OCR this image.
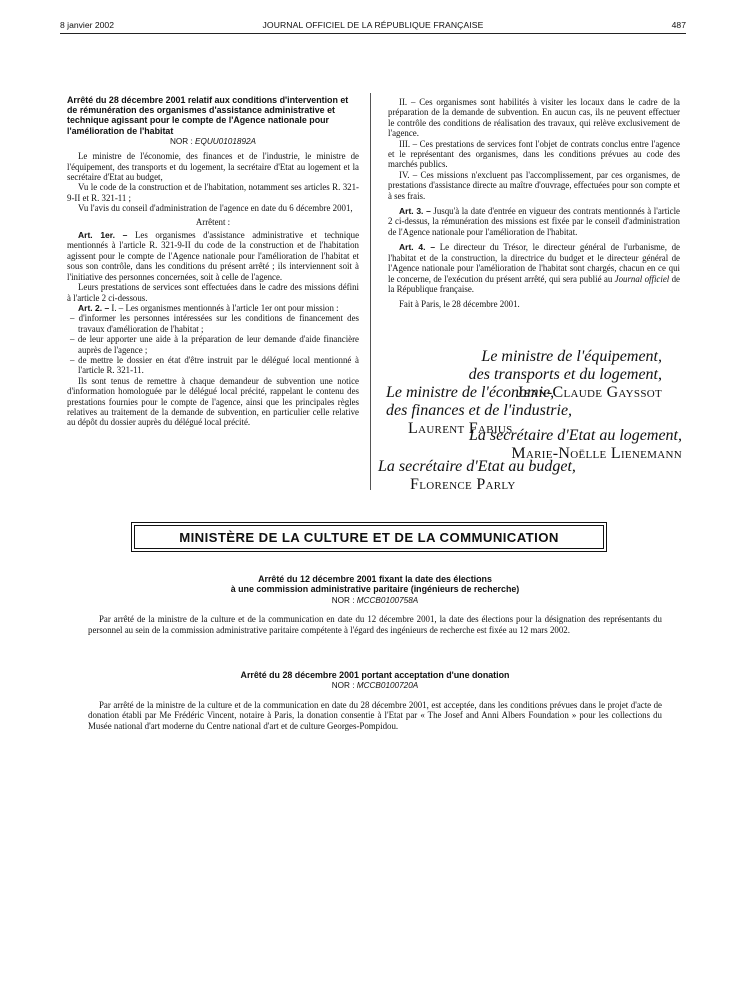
8 janvier 2002	JOURNAL OFFICIEL DE LA RÉPUBLIQUE FRANÇAISE	487

Arrêté du 28 décembre 2001 relatif aux conditions d'intervention et de rémunération des organismes d'assistance administrative et technique agissant pour le compte de l'Agence nationale pour l'amélioration de l'habitat

NOR : EQUU0101892A

Le ministre de l'économie, des finances et de l'industrie, le ministre de l'équipement, des transports et du logement, la secrétaire d'Etat au logement et la secrétaire d'Etat au budget,

Vu le code de la construction et de l'habitation, notamment ses articles R. 321-9-II et R. 321-11 ;

Vu l'avis du conseil d'administration de l'agence en date du 6 décembre 2001,

Arrêtent :

Art. 1er. – Les organismes d'assistance administrative et technique mentionnés à l'article R. 321-9-II du code de la construction et de l'habitation agissent pour le compte de l'Agence nationale pour l'amélioration de l'habitat et sous son contrôle, dans les conditions du présent arrêté ; ils interviennent soit à l'initiative des personnes concernées, soit à celle de l'agence.

Leurs prestations de services sont effectuées dans le cadre des missions défini à l'article 2 ci-dessous.

Art. 2. – I. – Les organismes mentionnés à l'article 1er ont pour mission :

– d'informer les personnes intéressées sur les conditions de financement des travaux d'amélioration de l'habitat ;
– de leur apporter une aide à la préparation de leur demande d'aide financière auprès de l'agence ;
– de mettre le dossier en état d'être instruit par le délégué local mentionné à l'article R. 321-11.

Ils sont tenus de remettre à chaque demandeur de subvention une notice d'information homologuée par le délégué local précité, rappelant le contenu des prestations fournies pour le compte de l'agence, ainsi que les principales règles relatives au traitement de la demande de subvention, en particulier celle relative au dépôt du dossier auprès du délégué local précité.

II. – Ces organismes sont habilités à visiter les locaux dans le cadre de la préparation de la demande de subvention. En aucun cas, ils ne peuvent effectuer le contrôle des conditions de réalisation des travaux, qui relève exclusivement de l'agence.

III. – Ces prestations de services font l'objet de contrats conclus entre l'agence et le représentant des organismes, dans les conditions prévues au code des marchés publics.

IV. – Ces missions n'excluent pas l'accomplissement, par ces organismes, de prestations d'assistance directe au maître d'ouvrage, effectuées pour son compte et à ses frais.

Art. 3. – Jusqu'à la date d'entrée en vigueur des contrats mentionnés à l'article 2 ci-dessus, la rémunération des missions est fixée par le conseil d'administration de l'Agence nationale pour l'amélioration de l'habitat.

Art. 4. – Le directeur du Trésor, le directeur général de l'urbanisme, de l'habitat et de la construction, la directrice du budget et le directeur général de l'Agence nationale pour l'amélioration de l'habitat sont chargés, chacun en ce qui le concerne, de l'exécution du présent arrêté, qui sera publié au Journal officiel de la République française.

Fait à Paris, le 28 décembre 2001.

Le ministre de l'équipement,
des transports et du logement,
Jean-Claude Gayssot
Le ministre de l'économie,
des finances et de l'industrie,
Laurent Fabius
La secrétaire d'Etat au logement,
Marie-Noëlle Lienemann
La secrétaire d'Etat au budget,
Florence Parly
MINISTÈRE DE LA CULTURE ET DE LA COMMUNICATION

Arrêté du 12 décembre 2001 fixant la date des élections

à une commission administrative paritaire (ingénieurs de recherche)

NOR : MCCB0100758A

Par arrêté de la ministre de la culture et de la communication en date du 12 décembre 2001, la date des élections pour la désignation des représentants du personnel au sein de la commission administrative paritaire compétente à l'égard des ingénieurs de recherche est fixée au 12 mars 2002.

Arrêté du 28 décembre 2001 portant acceptation d'une donation

NOR : MCCB0100720A

Par arrêté de la ministre de la culture et de la communication en date du 28 décembre 2001, est acceptée, dans les conditions prévues dans le projet d'acte de donation établi par Me Frédéric Vincent, notaire à Paris, la donation consentie à l'Etat par « The Josef and Anni Albers Foundation » pour les collections du Musée national d'art moderne du Centre national d'art et de culture Georges-Pompidou.
